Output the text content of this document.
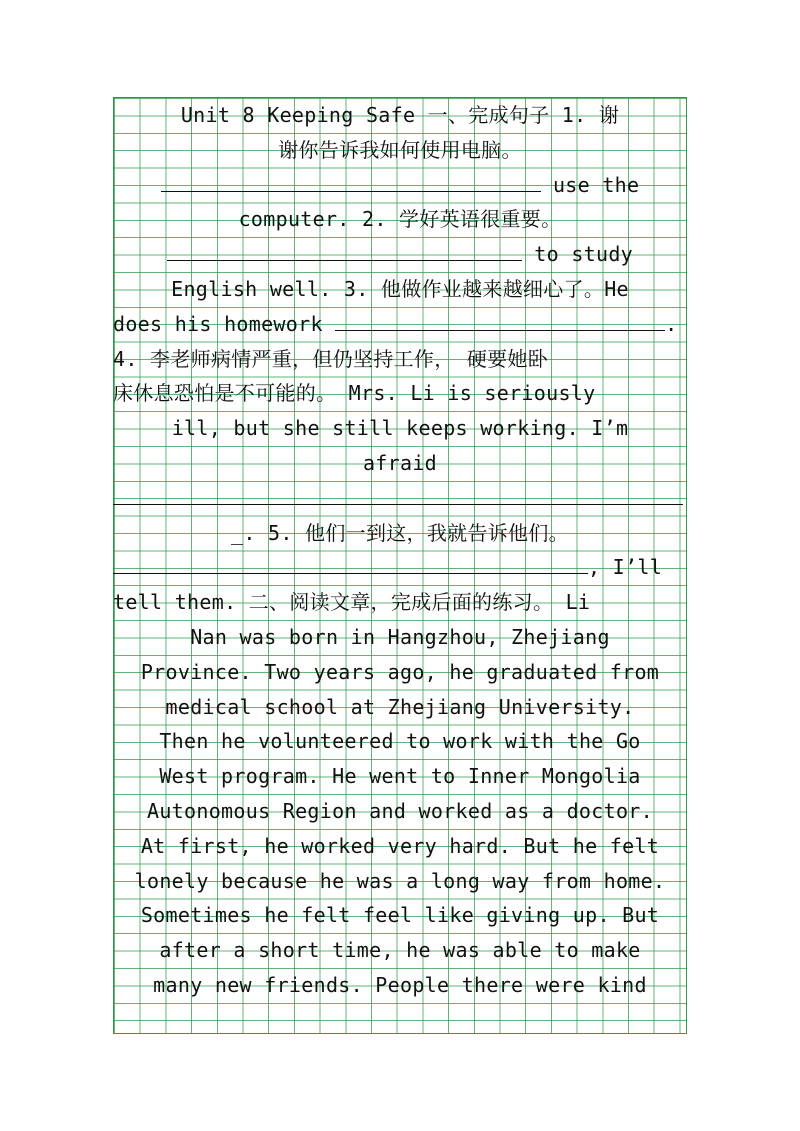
Unit 8 Keeping Safe 一、完成句子 1. 谢
谢你告诉我如何使用电脑。
use the
computer. 2. 学好英语很重要。
to study
English well. 3. 他做作业越来越细心了。He
does his homework	.
4. 李老师病情严重，但仍坚持工作， 硬要她卧
床休息恐怕是不可能的。 Mrs. Li is seriously
ill, but she still keeps working. I’m
afraid
_. 5. 他们一到这，我就告诉他们。
, I’ll
tell them. 二、阅读文章，完成后面的练习。 Li
Nan was born in Hangzhou, Zhejiang
Province. Two years ago, he graduated from
medical school at Zhejiang University.
Then he volunteered to work with the Go
West program. He went to Inner Mongolia
Autonomous Region and worked as a doctor.
At first, he worked very hard. But he felt
lonely because he was a long way from home.
Sometimes he felt feel like giving up. But
after a short time, he was able to make
many new friends. People there were kind
